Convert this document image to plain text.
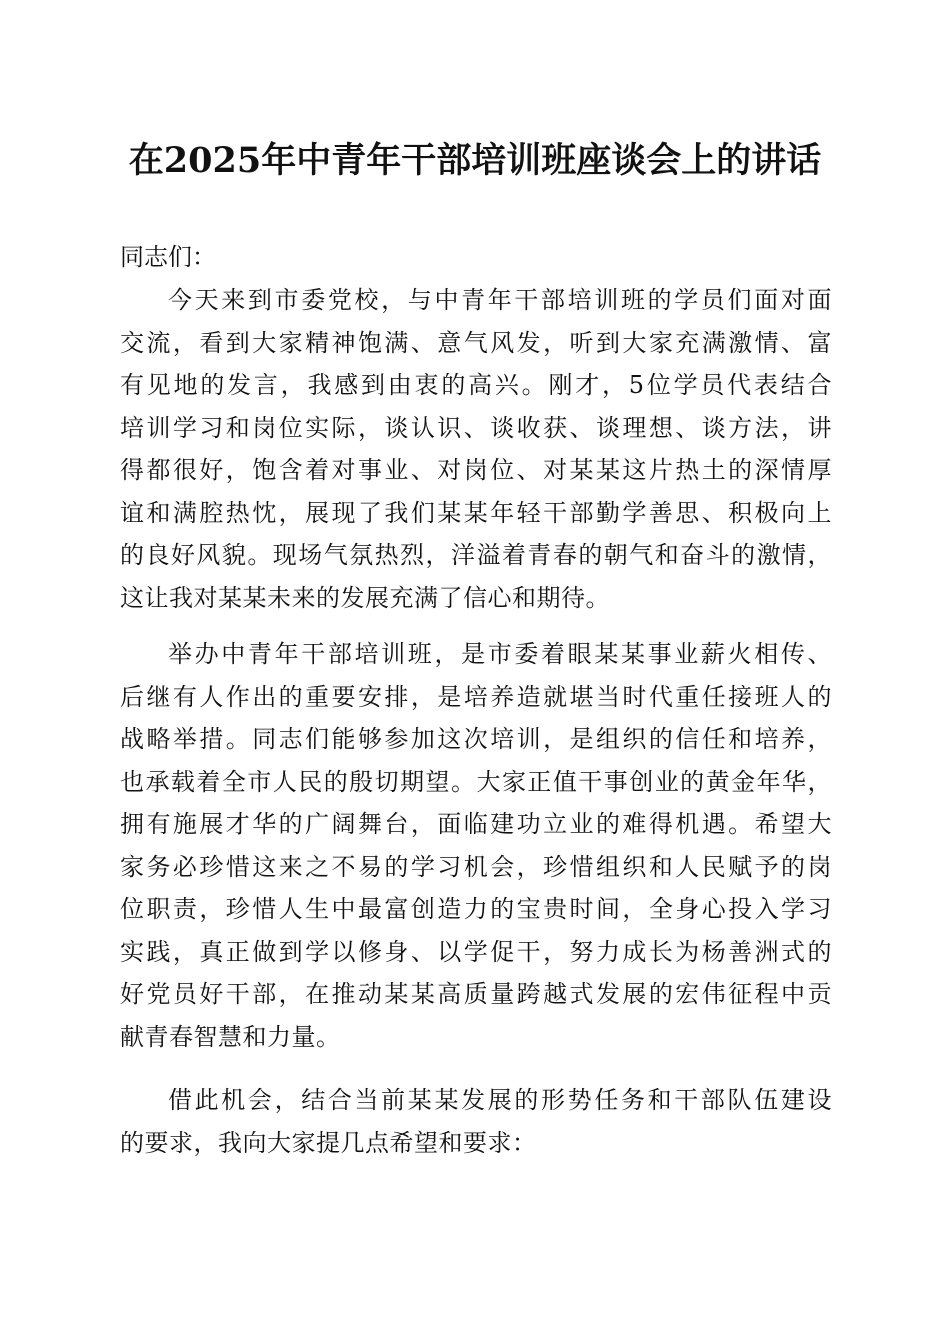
在2025年中青年干部培训班座谈会上的讲话
同志们：
今天来到市委党校，与中青年干部培训班的学员们面对面
交流，看到大家精神饱满、意气风发，听到大家充满激情、富
有见地的发言，我感到由衷的高兴。刚才，5位学员代表结合
培训学习和岗位实际，谈认识、谈收获、谈理想、谈方法，讲
得都很好，饱含着对事业、对岗位、对某某这片热土的深情厚
谊和满腔热忱，展现了我们某某年轻干部勤学善思、积极向上
的良好风貌。现场气氛热烈，洋溢着青春的朝气和奋斗的激情，
这让我对某某未来的发展充满了信心和期待。
举办中青年干部培训班，是市委着眼某某事业薪火相传、
后继有人作出的重要安排，是培养造就堪当时代重任接班人的
战略举措。同志们能够参加这次培训，是组织的信任和培养，
也承载着全市人民的殷切期望。大家正值干事创业的黄金年华，
拥有施展才华的广阔舞台，面临建功立业的难得机遇。希望大
家务必珍惜这来之不易的学习机会，珍惜组织和人民赋予的岗
位职责，珍惜人生中最富创造力的宝贵时间，全身心投入学习
实践，真正做到学以修身、以学促干，努力成长为杨善洲式的
好党员好干部，在推动某某高质量跨越式发展的宏伟征程中贡
献青春智慧和力量。
借此机会，结合当前某某发展的形势任务和干部队伍建设
的要求，我向大家提几点希望和要求：
